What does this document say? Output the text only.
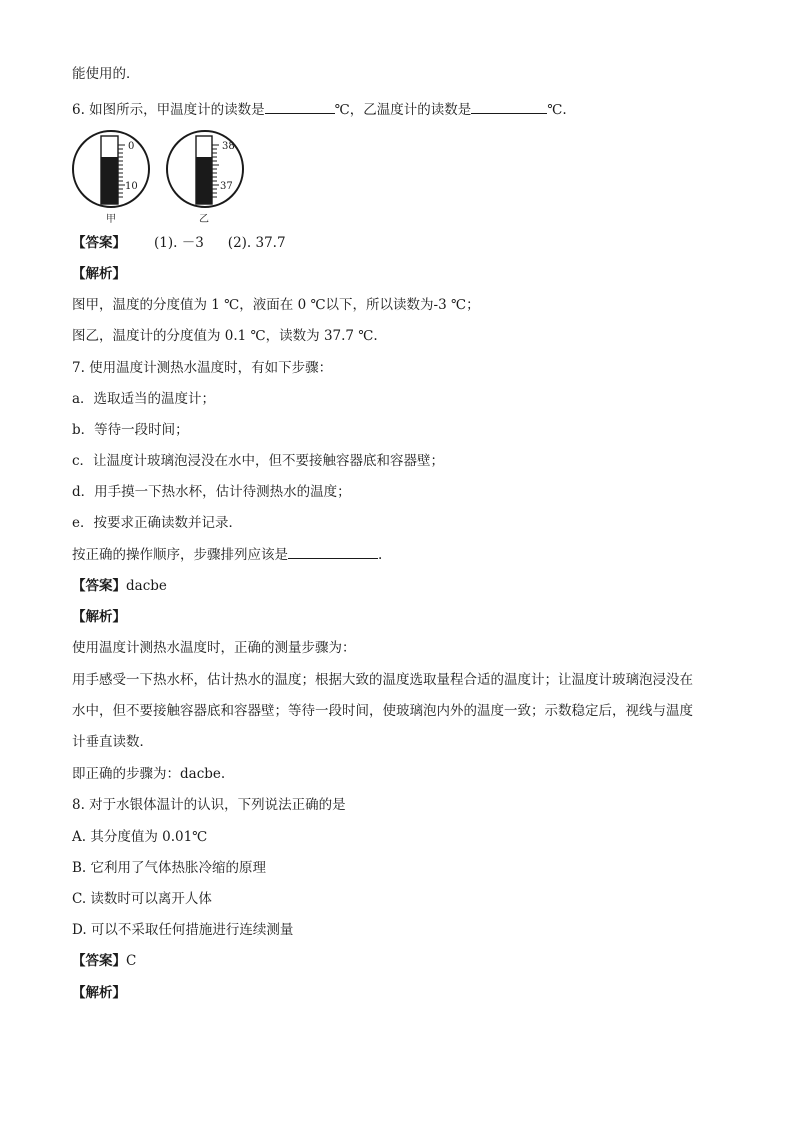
能使用的．
6. 如图所示，甲温度计的读数是	℃，乙温度计的读数是	℃.
0
10
甲
38
37
乙
【答案】 (1). －3 (2). 37.7
【解析】
图甲，温度的分度值为 1 ℃，液面在 0 ℃以下，所以读数为-3 ℃；
图乙，温度计的分度值为 0.1 ℃，读数为 37.7 ℃.
7. 使用温度计测热水温度时，有如下步骤：
a．选取适当的温度计；
b．等待一段时间；
c．让温度计玻璃泡浸没在水中，但不要接触容器底和容器壁；
d．用手摸一下热水杯，估计待测热水的温度；
e．按要求正确读数并记录．
按正确的操作顺序，步骤排列应该是	.
【答案】dacbe
【解析】
使用温度计测热水温度时，正确的测量步骤为：
用手感受一下热水杯，估计热水的温度；根据大致的温度选取量程合适的温度计；让温度计玻璃泡浸没在
水中，但不要接触容器底和容器壁；等待一段时间，使玻璃泡内外的温度一致；示数稳定后，视线与温度
计垂直读数．
即正确的步骤为：dacbe.
8. 对于水银体温计的认识，下列说法正确的是
A. 其分度值为 0.01℃
B. 它利用了气体热胀冷缩的原理
C. 读数时可以离开人体
D. 可以不采取任何措施进行连续测量
【答案】C
【解析】
